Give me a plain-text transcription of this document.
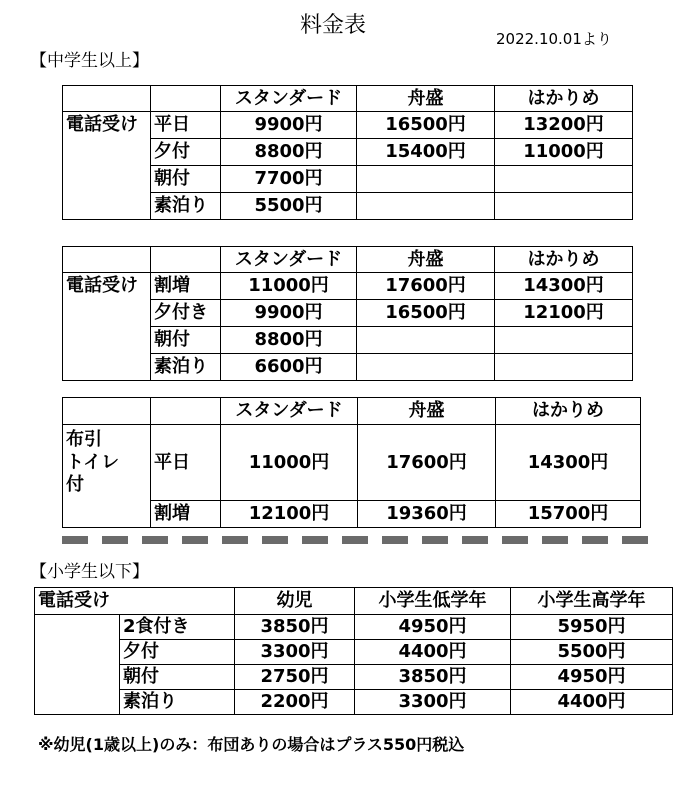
料金表
2022.10.01より
【中学生以上】
		スタンダード	舟盛	はかりめ
電話受け	平日	9900円	16500円	13200円
	夕付	8800円	15400円	11000円
	朝付	7700円		
	素泊り	5500円		
		スタンダード	舟盛	はかりめ
電話受け	割増	11000円	17600円	14300円
	夕付き	9900円	16500円	12100円
	朝付	8800円		
	素泊り	6600円		
		スタンダード	舟盛	はかりめ

布引
トイレ
付	平日	11000円	17600円	14300円
	割増	12100円	19360円	15700円
【小学生以下】
電話受け		幼児	小学生低学年	小学生高学年
	2食付き	3850円	4950円	5950円
	夕付	3300円	4400円	5500円
	朝付	2750円	3850円	4950円
	素泊り	2200円	3300円	4400円
※幼児(1歳以上)のみ：布団ありの場合はプラス550円税込
